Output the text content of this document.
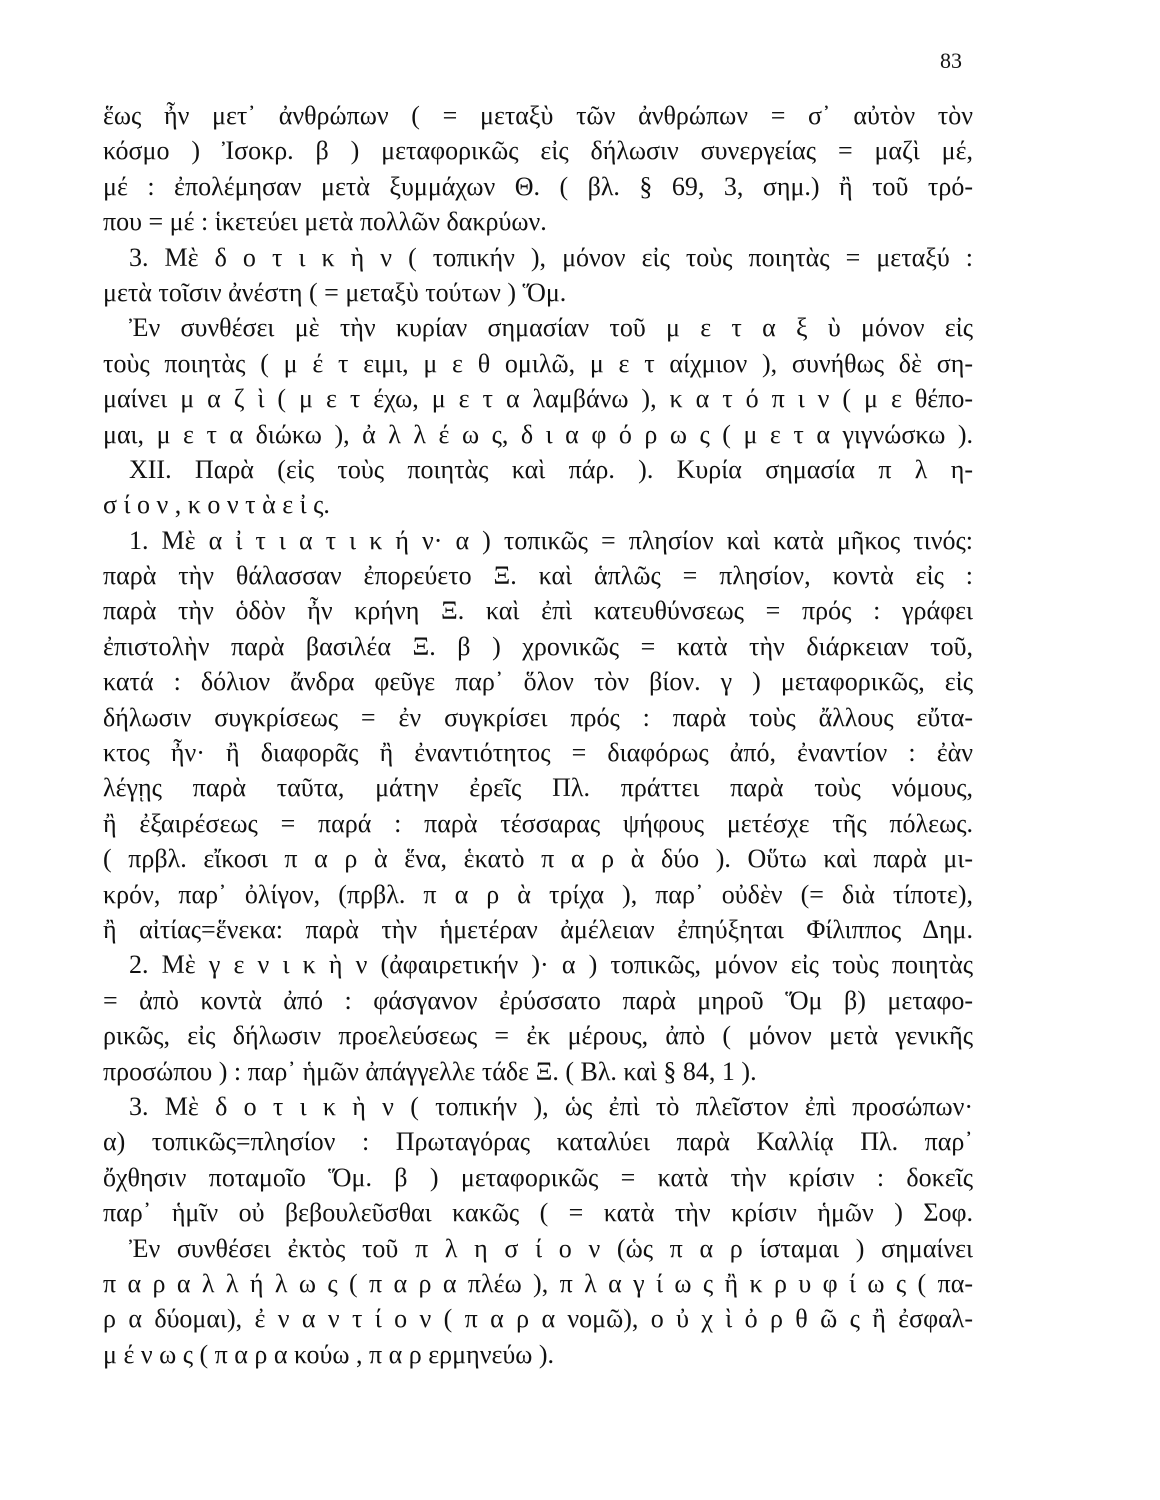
83
ἕως ἦν μετ᾿ ἀνθρώπων ( = μεταξὺ τῶν ἀνθρώπων = σ᾿ αὐτὸν τὸν
κόσμο ) Ἰσοκρ. β ) μεταφορικῶς εἰς δήλωσιν συνεργείας = μαζὶ μέ,
μέ : ἐπολέμησαν μετὰ ξυμμάχων Θ. ( βλ. § 69, 3, σημ.) ἢ τοῦ τρό-
που = μέ : ἱκετεύει μετὰ πολλῶν δακρύων.
3. Μὲ δ ο τ ι κ ὴ ν ( τοπικήν ), μόνον εἰς τοὺς ποιητὰς = μεταξύ :
μετὰ τοῖσιν ἀνέστη ( = μεταξὺ τούτων ) Ὅμ.
Ἐν συνθέσει μὲ τὴν κυρίαν σημασίαν τοῦ μ ε τ α ξ ὺ μόνον εἰς
τοὺς ποιητὰς ( μ έ τ ειμι, μ ε θ ομιλῶ, μ ε τ αίχμιον ), συνήθως δὲ ση-
μαίνει μ α ζ ὶ ( μ ε τ έχω, μ ε τ α λαμβάνω ), κ α τ ό π ι ν ( μ ε θέπο-
μαι, μ ε τ α διώκω ), ἀ λ λ έ ω ς, δ ι α φ ό ρ ω ς ( μ ε τ α γιγνώσκω ).
XII. Παρὰ (εἰς τοὺς ποιητὰς καὶ πάρ. ). Κυρία σημασία π λ η-
σ ί ο ν , κ ο ν τ ὰ ε ἰ ς.
1. Μὲ α ἰ τ ι α τ ι κ ή ν· α ) τοπικῶς = πλησίον καὶ κατὰ μῆκος τινός:
παρὰ τὴν θάλασσαν ἐπορεύετο Ξ. καὶ ἁπλῶς = πλησίον, κοντὰ εἰς :
παρὰ τὴν ὁδὸν ἦν κρήνη Ξ. καὶ ἐπὶ κατευθύνσεως = πρός : γράφει
ἐπιστολὴν παρὰ βασιλέα Ξ. β ) χρονικῶς = κατὰ τὴν διάρκειαν τοῦ,
κατά : δόλιον ἄνδρα φεῦγε παρ᾿ ὅλον τὸν βίον. γ ) μεταφορικῶς, εἰς
δήλωσιν συγκρίσεως = ἐν συγκρίσει πρός : παρὰ τοὺς ἄλλους εὔτα-
κτος ἦν· ἢ διαφορᾶς ἢ ἐναντιότητος = διαφόρως ἀπό, ἐναντίον : ἐὰν
λέγῃς παρὰ ταῦτα, μάτην ἐρεῖς Πλ. πράττει παρὰ τοὺς νόμους,
ἢ ἐξαιρέσεως = παρά : παρὰ τέσσαρας ψήφους μετέσχε τῆς πόλεως.
( πρβλ. εἴκοσι π α ρ ὰ ἕνα, ἑκατὸ π α ρ ὰ δύο ). Οὕτω καὶ παρὰ μι-
κρόν, παρ᾿ ὀλίγον, (πρβλ. π α ρ ὰ τρίχα ), παρ᾿ οὐδὲν (= διὰ τίποτε),
ἢ αἰτίας=ἕνεκα: παρὰ τὴν ἡμετέραν ἀμέλειαν ἐπηύξηται Φίλιππος Δημ.
2. Μὲ γ ε ν ι κ ὴ ν (ἀφαιρετικήν )· α ) τοπικῶς, μόνον εἰς τοὺς ποιητὰς
= ἀπὸ κοντὰ ἀπό : φάσγανον ἐρύσσατο παρὰ μηροῦ Ὅμ β) μεταφο-
ρικῶς, εἰς δήλωσιν προελεύσεως = ἐκ μέρους, ἀπὸ ( μόνον μετὰ γενικῆς
προσώπου ) : παρ᾿ ἡμῶν ἀπάγγελλε τάδε Ξ. ( Βλ. καὶ § 84, 1 ).
3. Μὲ δ ο τ ι κ ὴ ν ( τοπικήν ), ὡς ἐπὶ τὸ πλεῖστον ἐπὶ προσώπων·
α) τοπικῶς=πλησίον : Πρωταγόρας καταλύει παρὰ Καλλίᾳ Πλ. παρ᾿
ὄχθησιν ποταμοῖο Ὅμ. β ) μεταφορικῶς = κατὰ τὴν κρίσιν : δοκεῖς
παρ᾿ ἡμῖν οὐ βεβουλεῦσθαι κακῶς ( = κατὰ τὴν κρίσιν ἡμῶν ) Σοφ.
Ἐν συνθέσει ἐκτὸς τοῦ π λ η σ ί ο ν (ὡς π α ρ ίσταμαι ) σημαίνει
π α ρ α λ λ ή λ ω ς ( π α ρ α πλέω ), π λ α γ ί ω ς ἢ κ ρ υ φ ί ω ς ( πα-
ρ α δύομαι), ἐ ν α ν τ ί ο ν ( π α ρ α νομῶ), ο ὐ χ ὶ ὀ ρ θ ῶ ς ἢ ἐσφαλ-
μ έ ν ω ς ( π α ρ α κούω , π α ρ ερμηνεύω ).
